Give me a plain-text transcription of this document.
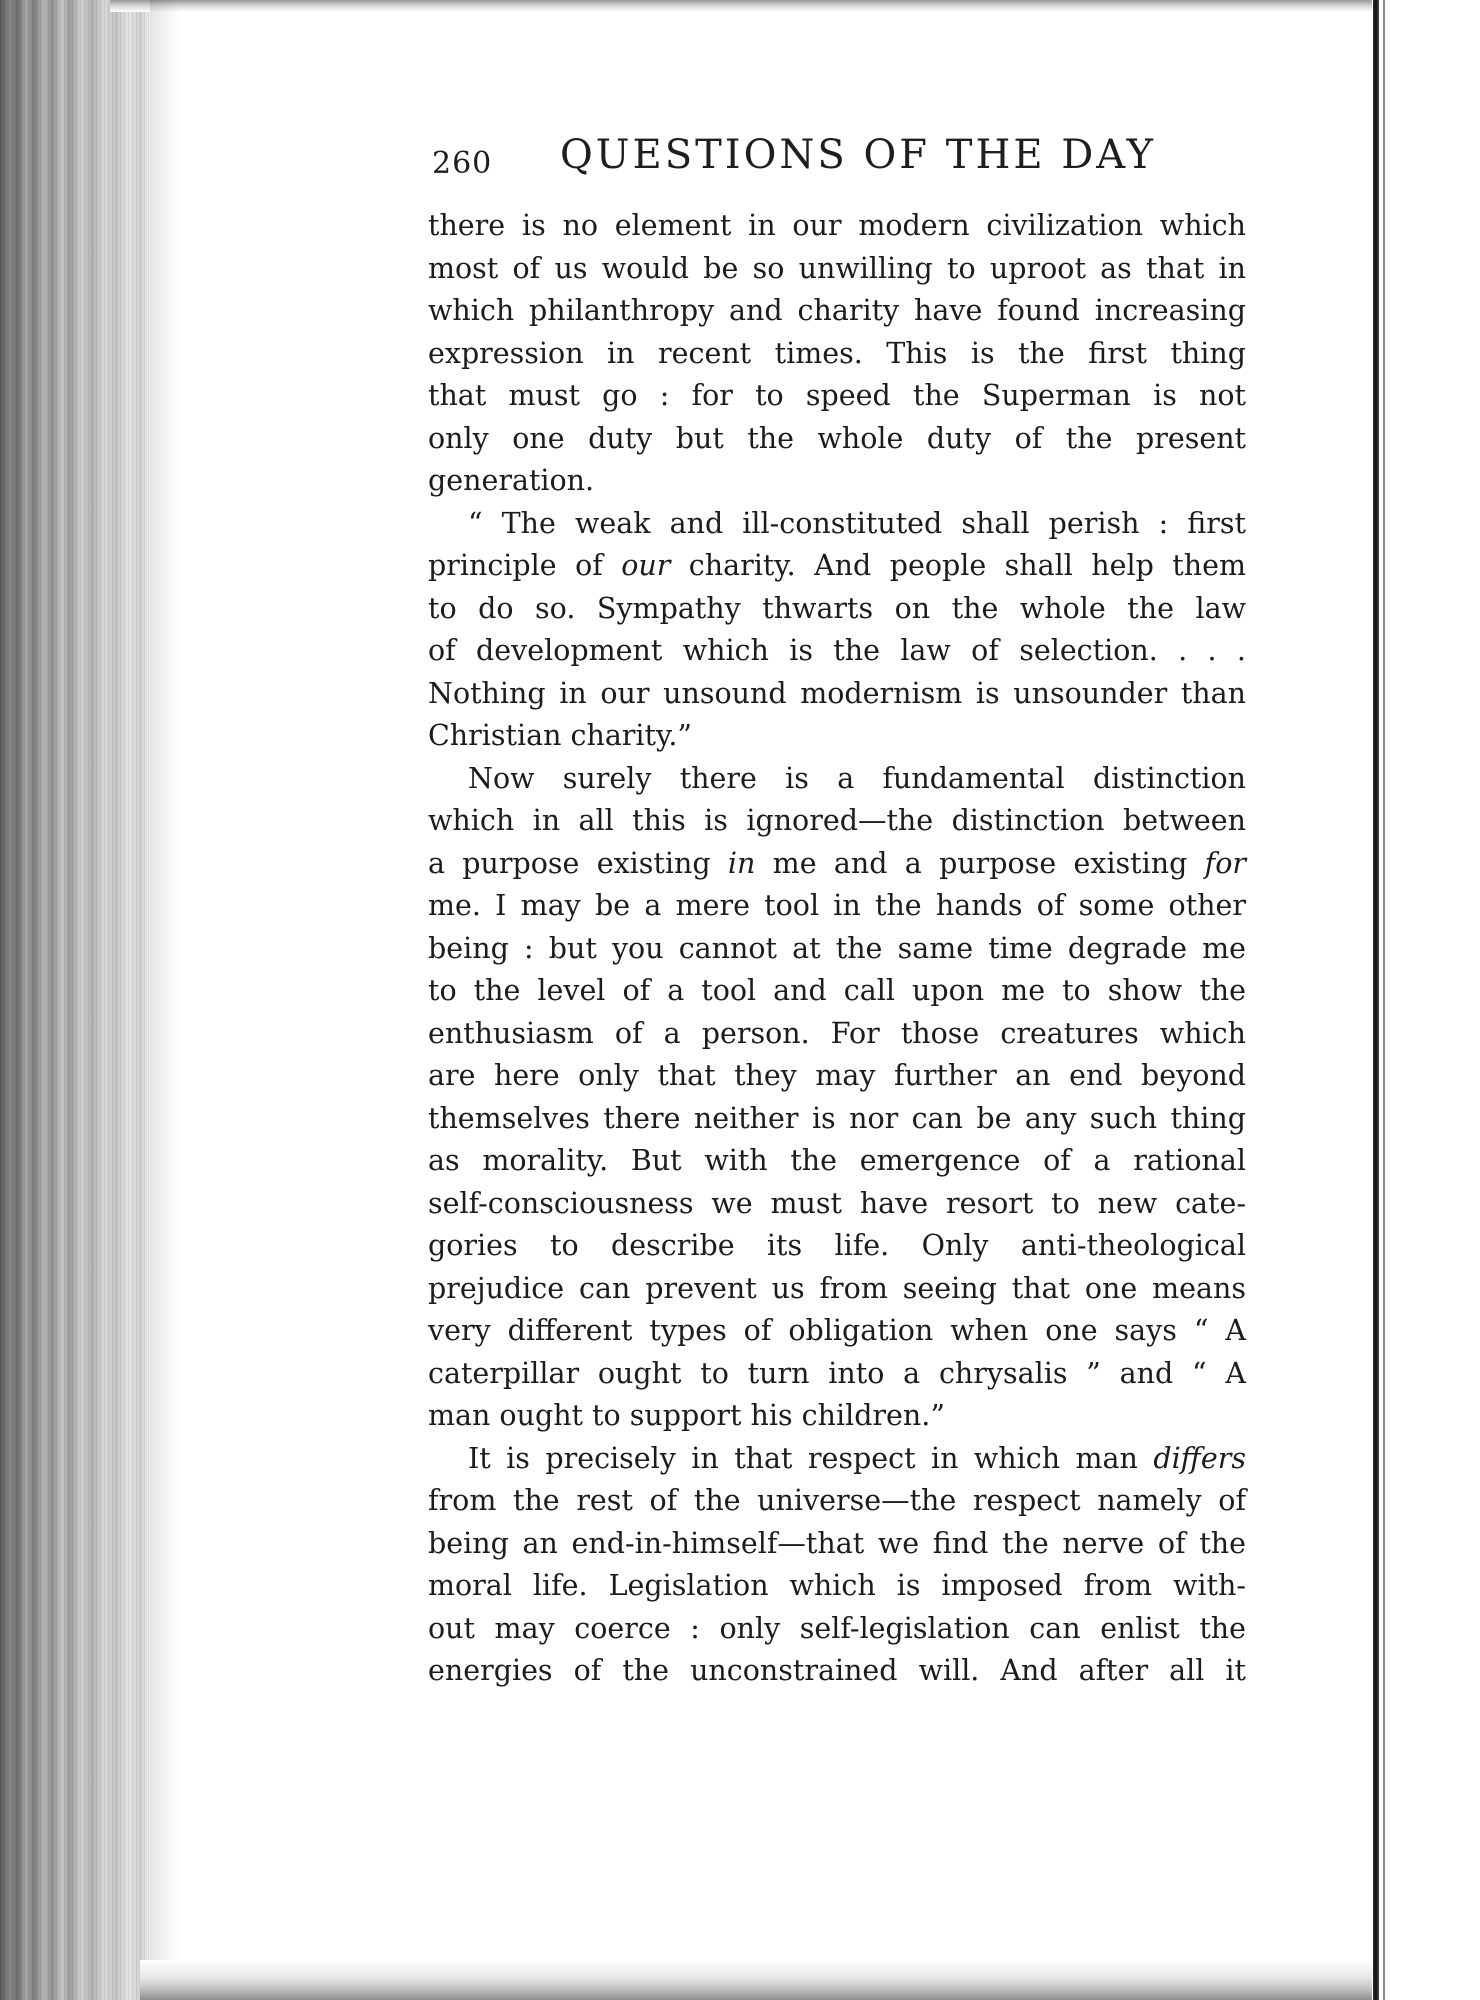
260 QUESTIONS OF THE DAY
there is no element in our modern civilization which
most of us would be so unwilling to uproot as that in
which philanthropy and charity have found increasing
expression in recent times. This is the first thing
that must go : for to speed the Superman is not
only one duty but the whole duty of the present
generation.
“ The weak and ill-constituted shall perish : first
principle of our charity. And people shall help them
to do so. Sympathy thwarts on the whole the law
of development which is the law of selection. . . .
Nothing in our unsound modernism is unsounder than
Christian charity.”
Now surely there is a fundamental distinction
which in all this is ignored—the distinction between
a purpose existing in me and a purpose existing for
me. I may be a mere tool in the hands of some other
being : but you cannot at the same time degrade me
to the level of a tool and call upon me to show the
enthusiasm of a person. For those creatures which
are here only that they may further an end beyond
themselves there neither is nor can be any such thing
as morality. But with the emergence of a rational
self-consciousness we must have resort to new cate-
gories to describe its life. Only anti-theological
prejudice can prevent us from seeing that one means
very different types of obligation when one says “ A
caterpillar ought to turn into a chrysalis ” and “ A
man ought to support his children.”
It is precisely in that respect in which man differs
from the rest of the universe—the respect namely of
being an end-in-himself—that we find the nerve of the
moral life. Legislation which is imposed from with-
out may coerce : only self-legislation can enlist the
energies of the unconstrained will. And after all it
